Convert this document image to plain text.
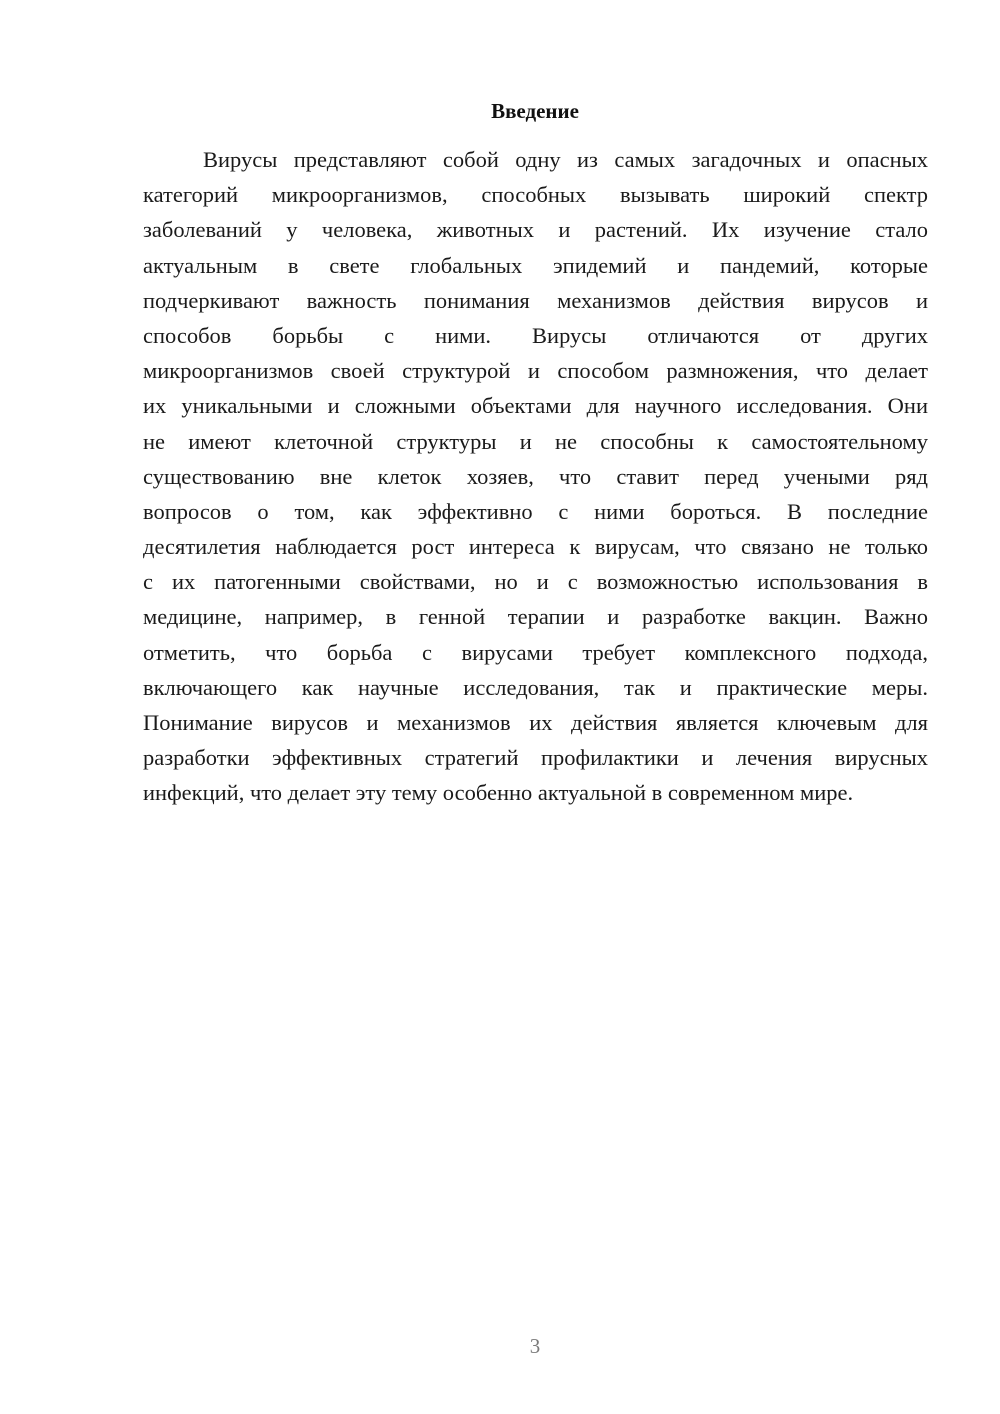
Введение
Вирусы представляют собой одну из самых загадочных и опасных
категорий микроорганизмов, способных вызывать широкий спектр
заболеваний у человека, животных и растений. Их изучение стало
актуальным в свете глобальных эпидемий и пандемий, которые
подчеркивают важность понимания механизмов действия вирусов и
способов борьбы с ними. Вирусы отличаются от других
микроорганизмов своей структурой и способом размножения, что делает
их уникальными и сложными объектами для научного исследования. Они
не имеют клеточной структуры и не способны к самостоятельному
существованию вне клеток хозяев, что ставит перед учеными ряд
вопросов о том, как эффективно с ними бороться. В последние
десятилетия наблюдается рост интереса к вирусам, что связано не только
с их патогенными свойствами, но и с возможностью использования в
медицине, например, в генной терапии и разработке вакцин. Важно
отметить, что борьба с вирусами требует комплексного подхода,
включающего как научные исследования, так и практические меры.
Понимание вирусов и механизмов их действия является ключевым для
разработки эффективных стратегий профилактики и лечения вирусных
инфекций, что делает эту тему особенно актуальной в современном мире.
3
